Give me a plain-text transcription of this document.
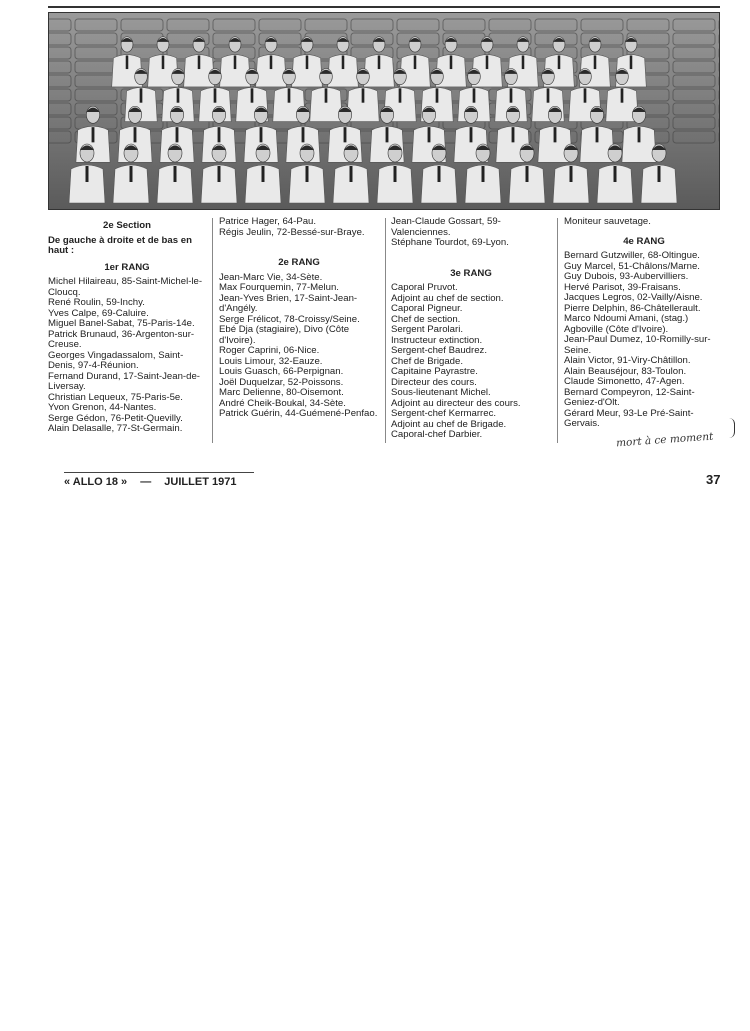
2e Section
De gauche à droite et de bas en haut :
1er RANG
Michel Hilaireau, 85-Saint-Michel-le-Cloucq.
René Roulin, 59-Inchy.
Yves Calpe, 69-Caluire.
Miguel Banel-Sabat, 75-Paris-14e.
Patrick Brunaud, 36-Argenton-sur-Creuse.
Georges Vingadassalom, Saint-Denis, 97-4-Réunion.
Fernand Durand, 17-Saint-Jean-de-Liversay.
Christian Lequeux, 75-Paris-5e.
Yvon Grenon, 44-Nantes.
Serge Gédon, 76-Petit-Quevilly.
Alain Delasalle, 77-St-Germain.
Patrice Hager, 64-Pau.
Régis Jeulin, 72-Bessé-sur-Braye.
2e RANG
Jean-Marc Vie, 34-Sète.
Max Fourquemin, 77-Melun.
Jean-Yves Brien, 17-Saint-Jean-d'Angély.
Serge Frélicot, 78-Croissy/Seine.
Ebé Dja (stagiaire), Divo (Côte d'Ivoire).
Roger Caprini, 06-Nice.
Louis Limour, 32-Eauze.
Louis Guasch, 66-Perpignan.
Joël Duquelzar, 52-Poissons.
Marc Delienne, 80-Oisemont.
André Cheik-Boukal, 34-Sète.
Patrick Guérin, 44-Guémené-Penfao.
Jean-Claude Gossart, 59-Valenciennes.
Stéphane Tourdot, 69-Lyon.
3e RANG
Caporal Pruvot.
Adjoint au chef de section.
Caporal Pigneur.
Chef de section.
Sergent Parolari.
Instructeur extinction.
Sergent-chef Baudrez.
Chef de Brigade.
Capitaine Payrastre.
Directeur des cours.
Sous-lieutenant Michel.
Adjoint au directeur des cours.
Sergent-chef Kermarrec.
Adjoint au chef de Brigade.
Caporal-chef Darbier.
Moniteur sauvetage.
4e RANG
Bernard Gutzwiller, 68-Oltingue.
Guy Marcel, 51-Châlons/Marne.
Guy Dubois, 93-Aubervilliers.
Hervé Parisot, 39-Fraisans.
Jacques Legros, 02-Vailly/Aisne.
Pierre Delphin, 86-Châtellerault.
Marco Ndoumi Amani, (stag.) Agboville (Côte d'Ivoire).
Jean-Paul Dumez, 10-Romilly-sur-Seine.
Alain Victor, 91-Viry-Châtillon.
Alain Beauséjour, 83-Toulon.
Claude Simonetto, 47-Agen.
Bernard Compeyron, 12-Saint-Geniez-d'Olt.
Gérard Meur, 93-Le Pré-Saint-Gervais.
mort à ce moment
« ALLO 18 » — JUILLET 1971	37
